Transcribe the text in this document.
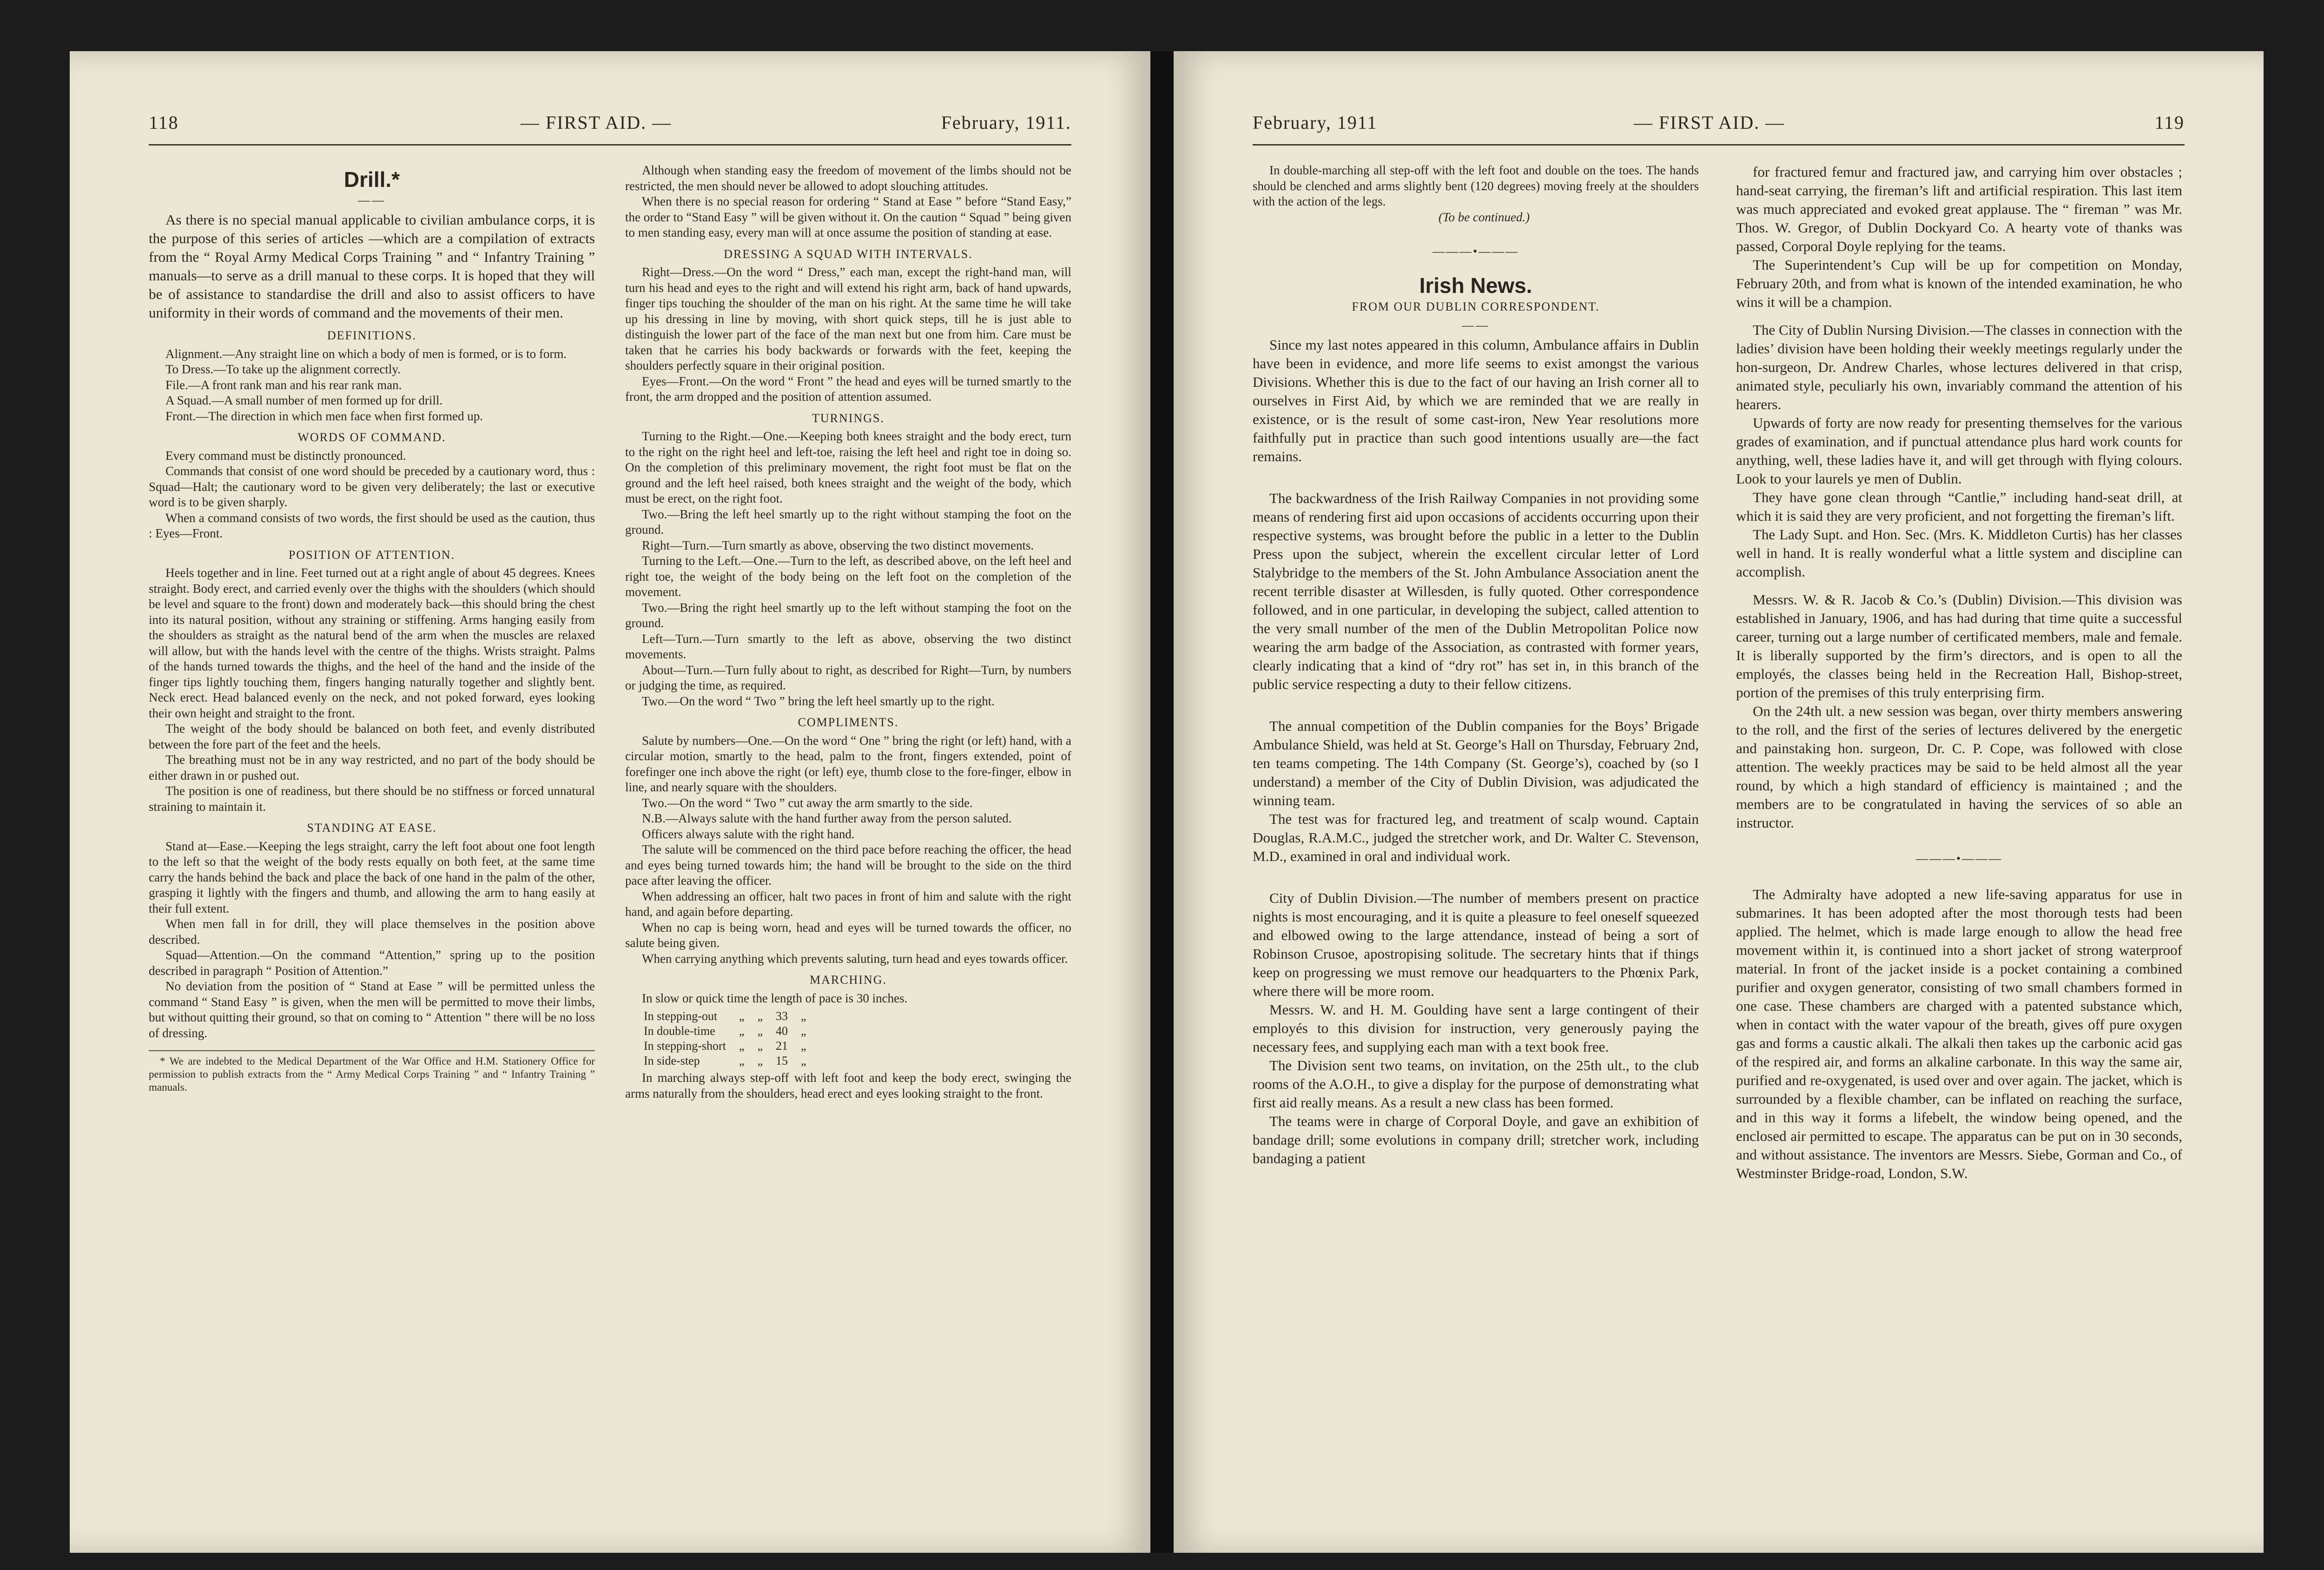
118	— FIRST AID. —	February, 1911.
Drill.*
——

As there is no special manual applicable to civilian ambulance corps, it is the purpose of this series of articles —which are a compilation of extracts from the “ Royal Army Medical Corps Training ” and “ Infantry Training ” manuals—to serve as a drill manual to these corps. It is hoped that they will be of assistance to standardise the drill and also to assist officers to have uniformity in their words of command and the movements of their men.

DEFINITIONS.

Alignment.—Any straight line on which a body of men is formed, or is to form.

To Dress.—To take up the alignment correctly.

File.—A front rank man and his rear rank man.

A Squad.—A small number of men formed up for drill.

Front.—The direction in which men face when first formed up.

WORDS OF COMMAND.

Every command must be distinctly pronounced.

Commands that consist of one word should be preceded by a cautionary word, thus : Squad—Halt; the cautionary word to be given very deliberately; the last or executive word is to be given sharply.

When a command consists of two words, the first should be used as the caution, thus : Eyes—Front.

POSITION OF ATTENTION.

Heels together and in line. Feet turned out at a right angle of about 45 degrees. Knees straight. Body erect, and carried evenly over the thighs with the shoulders (which should be level and square to the front) down and moderately back—this should bring the chest into its natural position, without any straining or stiffening. Arms hanging easily from the shoulders as straight as the natural bend of the arm when the muscles are relaxed will allow, but with the hands level with the centre of the thighs. Wrists straight. Palms of the hands turned towards the thighs, and the heel of the hand and the inside of the finger tips lightly touching them, fingers hanging naturally together and slightly bent. Neck erect. Head balanced evenly on the neck, and not poked forward, eyes looking their own height and straight to the front.

The weight of the body should be balanced on both feet, and evenly distributed between the fore part of the feet and the heels.

The breathing must not be in any way restricted, and no part of the body should be either drawn in or pushed out.

The position is one of readiness, but there should be no stiffness or forced unnatural straining to maintain it.

STANDING AT EASE.

Stand at—Ease.—Keeping the legs straight, carry the left foot about one foot length to the left so that the weight of the body rests equally on both feet, at the same time carry the hands behind the back and place the back of one hand in the palm of the other, grasping it lightly with the fingers and thumb, and allowing the arm to hang easily at their full extent.

When men fall in for drill, they will place themselves in the position above described.

Squad—Attention.—On the command “Attention,” spring up to the position described in paragraph “ Position of Attention.”

No deviation from the position of “ Stand at Ease ” will be permitted unless the command “ Stand Easy ” is given, when the men will be permitted to move their limbs, but without quitting their ground, so that on coming to “ Attention ” there will be no loss of dressing.

* We are indebted to the Medical Department of the War Office and H.M. Stationery Office for permission to publish extracts from the “ Army Medical Corps Training ” and “ Infantry Training ” manuals.

Although when standing easy the freedom of movement of the limbs should not be restricted, the men should never be allowed to adopt slouching attitudes.

When there is no special reason for ordering “ Stand at Ease ” before “Stand Easy,” the order to “Stand Easy ” will be given without it. On the caution “ Squad ” being given to men standing easy, every man will at once assume the position of standing at ease.

DRESSING A SQUAD WITH INTERVALS.

Right—Dress.—On the word “ Dress,” each man, except the right-hand man, will turn his head and eyes to the right and will extend his right arm, back of hand upwards, finger tips touching the shoulder of the man on his right. At the same time he will take up his dressing in line by moving, with short quick steps, till he is just able to distinguish the lower part of the face of the man next but one from him. Care must be taken that he carries his body backwards or forwards with the feet, keeping the shoulders perfectly square in their original position.

Eyes—Front.—On the word “ Front ” the head and eyes will be turned smartly to the front, the arm dropped and the position of attention assumed.

TURNINGS.

Turning to the Right.—One.—Keeping both knees straight and the body erect, turn to the right on the right heel and left-toe, raising the left heel and right toe in doing so. On the completion of this preliminary movement, the right foot must be flat on the ground and the left heel raised, both knees straight and the weight of the body, which must be erect, on the right foot.

Two.—Bring the left heel smartly up to the right without stamping the foot on the ground.

Right—Turn.—Turn smartly as above, observing the two distinct movements.

Turning to the Left.—One.—Turn to the left, as described above, on the left heel and right toe, the weight of the body being on the left foot on the completion of the movement.

Two.—Bring the right heel smartly up to the left without stamping the foot on the ground.

Left—Turn.—Turn smartly to the left as above, observing the two distinct movements.

About—Turn.—Turn fully about to right, as described for Right—Turn, by numbers or judging the time, as required.

Two.—On the word “ Two ” bring the left heel smartly up to the right.

COMPLIMENTS.

Salute by numbers—One.—On the word “ One ” bring the right (or left) hand, with a circular motion, smartly to the head, palm to the front, fingers extended, point of forefinger one inch above the right (or left) eye, thumb close to the fore-finger, elbow in line, and nearly square with the shoulders.

Two.—On the word “ Two ” cut away the arm smartly to the side.

N.B.—Always salute with the hand further away from the person saluted.

Officers always salute with the right hand.

The salute will be commenced on the third pace before reaching the officer, the head and eyes being turned towards him; the hand will be brought to the side on the third pace after leaving the officer.

When addressing an officer, halt two paces in front of him and salute with the right hand, and again before departing.

When no cap is being worn, head and eyes will be turned towards the officer, no salute being given.

When carrying anything which prevents saluting, turn head and eyes towards officer.

MARCHING.

In slow or quick time the length of pace is 30 inches.

In stepping-out	„	„	33	„
In double-time	„	„	40	„
In stepping-short	„	„	21	„
In side-step	„	„	15	„

In marching always step-off with left foot and keep the body erect, swinging the arms naturally from the shoulders, head erect and eyes looking straight to the front.

February, 1911	— FIRST AID. —	119

In double-marching all step-off with the left foot and double on the toes. The hands should be clenched and arms slightly bent (120 degrees) moving freely at the shoulders with the action of the legs.

(To be continued.)

———•———
Irish News.
FROM OUR DUBLIN CORRESPONDENT.
——

Since my last notes appeared in this column, Ambulance affairs in Dublin have been in evidence, and more life seems to exist amongst the various Divisions. Whether this is due to the fact of our having an Irish corner all to ourselves in First Aid, by which we are reminded that we are really in existence, or is the result of some cast-iron, New Year resolutions more faithfully put in practice than such good intentions usually are—the fact remains.

The backwardness of the Irish Railway Companies in not providing some means of rendering first aid upon occasions of accidents occurring upon their respective systems, was brought before the public in a letter to the Dublin Press upon the subject, wherein the excellent circular letter of Lord Stalybridge to the members of the St. John Ambulance Association anent the recent terrible disaster at Willesden, is fully quoted. Other correspondence followed, and in one particular, in developing the subject, called attention to the very small number of the men of the Dublin Metropolitan Police now wearing the arm badge of the Association, as contrasted with former years, clearly indicating that a kind of “dry rot” has set in, in this branch of the public service respecting a duty to their fellow citizens.

The annual competition of the Dublin companies for the Boys’ Brigade Ambulance Shield, was held at St. George’s Hall on Thursday, February 2nd, ten teams competing. The 14th Company (St. George’s), coached by (so I understand) a member of the City of Dublin Division, was adjudicated the winning team.

The test was for fractured leg, and treatment of scalp wound. Captain Douglas, R.A.M.C., judged the stretcher work, and Dr. Walter C. Stevenson, M.D., examined in oral and individual work.

City of Dublin Division.—The number of members present on practice nights is most encouraging, and it is quite a pleasure to feel oneself squeezed and elbowed owing to the large attendance, instead of being a sort of Robinson Crusoe, apostropising solitude. The secretary hints that if things keep on progressing we must remove our headquarters to the Phœnix Park, where there will be more room.

Messrs. W. and H. M. Goulding have sent a large contingent of their employés to this division for instruction, very generously paying the necessary fees, and supplying each man with a text book free.

The Division sent two teams, on invitation, on the 25th ult., to the club rooms of the A.O.H., to give a display for the purpose of demonstrating what first aid really means. As a result a new class has been formed.

The teams were in charge of Corporal Doyle, and gave an exhibition of bandage drill; some evolutions in company drill; stretcher work, including bandaging a patient

for fractured femur and fractured jaw, and carrying him over obstacles ; hand-seat carrying, the fireman’s lift and artificial respiration. This last item was much appreciated and evoked great applause. The “ fireman ” was Mr. Thos. W. Gregor, of Dublin Dockyard Co. A hearty vote of thanks was passed, Corporal Doyle replying for the teams.

The Superintendent’s Cup will be up for competition on Monday, February 20th, and from what is known of the intended examination, he who wins it will be a champion.

The City of Dublin Nursing Division.—The classes in connection with the ladies’ division have been holding their weekly meetings regularly under the hon-surgeon, Dr. Andrew Charles, whose lectures delivered in that crisp, animated style, peculiarly his own, invariably command the attention of his hearers.

Upwards of forty are now ready for presenting themselves for the various grades of examination, and if punctual attendance plus hard work counts for anything, well, these ladies have it, and will get through with flying colours. Look to your laurels ye men of Dublin.

They have gone clean through “Cantlie,” including hand-seat drill, at which it is said they are very proficient, and not forgetting the fireman’s lift.

The Lady Supt. and Hon. Sec. (Mrs. K. Middleton Curtis) has her classes well in hand. It is really wonderful what a little system and discipline can accomplish.

Messrs. W. & R. Jacob & Co.’s (Dublin) Division.—This division was established in January, 1906, and has had during that time quite a successful career, turning out a large number of certificated members, male and female. It is liberally supported by the firm’s directors, and is open to all the employés, the classes being held in the Recreation Hall, Bishop-street, portion of the premises of this truly enterprising firm.

On the 24th ult. a new session was began, over thirty members answering to the roll, and the first of the series of lectures delivered by the energetic and painstaking hon. surgeon, Dr. C. P. Cope, was followed with close attention. The weekly practices may be said to be held almost all the year round, by which a high standard of efficiency is maintained ; and the members are to be congratulated in having the services of so able an instructor.

———•———

The Admiralty have adopted a new life-saving apparatus for use in submarines. It has been adopted after the most thorough tests had been applied. The helmet, which is made large enough to allow the head free movement within it, is continued into a short jacket of strong waterproof material. In front of the jacket inside is a pocket containing a combined purifier and oxygen generator, consisting of two small chambers formed in one case. These chambers are charged with a patented substance which, when in contact with the water vapour of the breath, gives off pure oxygen gas and forms a caustic alkali. The alkali then takes up the carbonic acid gas of the respired air, and forms an alkaline carbonate. In this way the same air, purified and re-oxygenated, is used over and over again. The jacket, which is surrounded by a flexible chamber, can be inflated on reaching the surface, and in this way it forms a lifebelt, the window being opened, and the enclosed air permitted to escape. The apparatus can be put on in 30 seconds, and without assistance. The inventors are Messrs. Siebe, Gorman and Co., of Westminster Bridge-road, London, S.W.
